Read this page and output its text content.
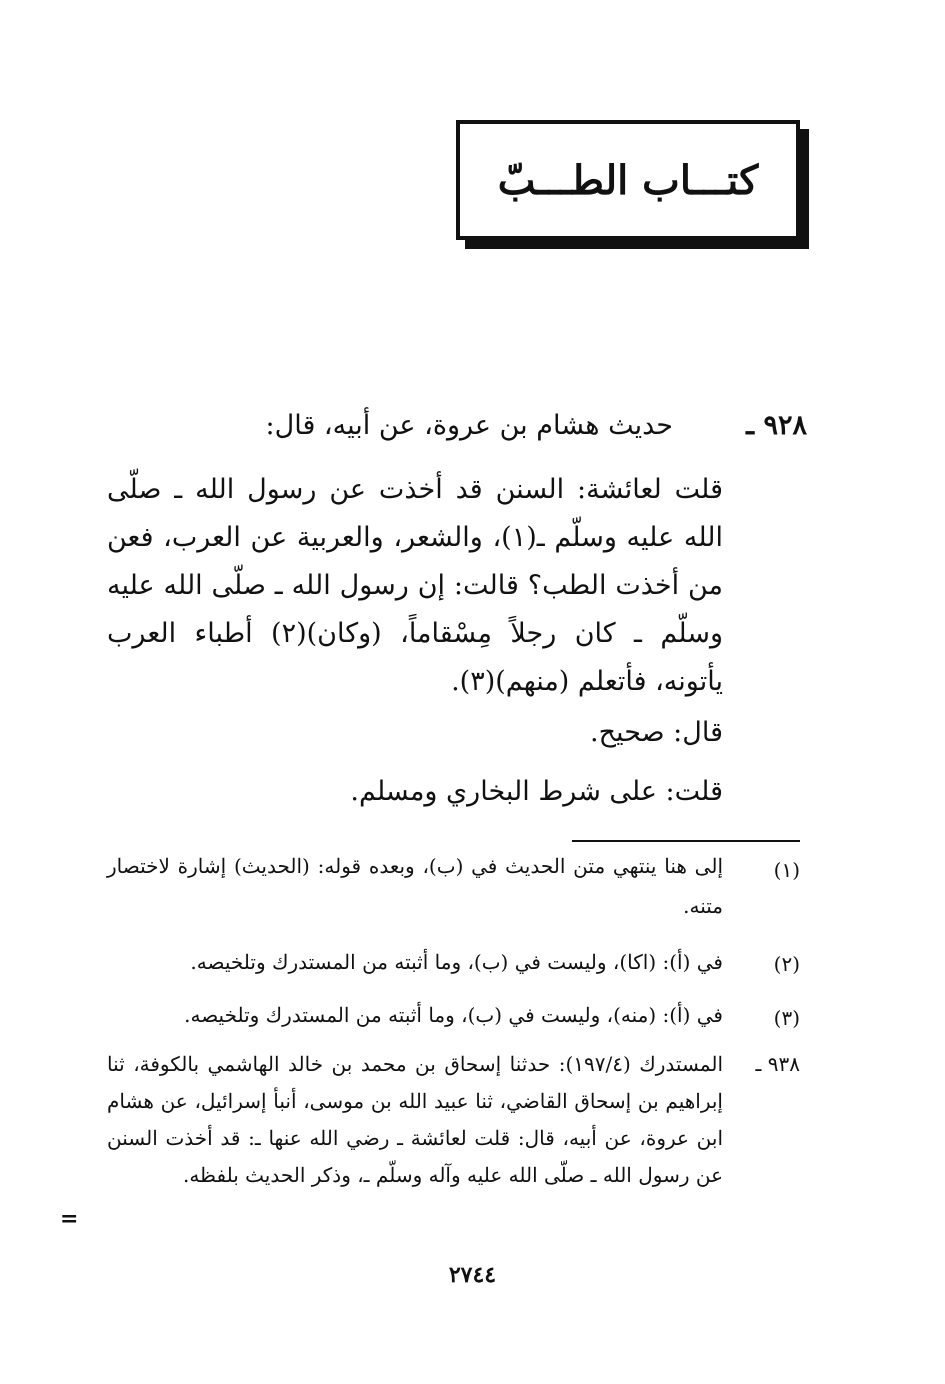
كتـــاب الطـــبّ
٩٢٨ ـ
حديث هشام بن عروة، عن أبيه، قال:
قلت لعائشة: السنن قد أخذت عن رسول الله ـ صلّى الله عليه وسلّم ـ(١)، والشعر، والعربية عن العرب، فعن من أخذت الطب؟ قالت: إن رسول الله ـ صلّى الله عليه وسلّم ـ كان رجلاً مِسْقاماً، (وكان)(٢) أطباء العرب يأتونه، فأتعلم (منهم)(٣).
قال: صحيح.
قلت: على شرط البخاري ومسلم.
(١)
إلى هنا ينتهي متن الحديث في (ب)، وبعده قوله: (الحديث) إشارة لاختصار متنه.
(٢)
في (أ): (اكا)، وليست في (ب)، وما أثبته من المستدرك وتلخيصه.
(٣)
في (أ): (منه)، وليست في (ب)، وما أثبته من المستدرك وتلخيصه.
٩٣٨ ـ
المستدرك (١٩٧/٤): حدثنا إسحاق بن محمد بن خالد الهاشمي بالكوفة، ثنا إبراهيم بن إسحاق القاضي، ثنا عبيد الله بن موسى، أنبأ إسرائيل، عن هشام ابن عروة، عن أبيه، قال: قلت لعائشة ـ رضي الله عنها ـ: قد أخذت السنن عن رسول الله ـ صلّى الله عليه وآله وسلّم ـ، وذكر الحديث بلفظه.
=
٢٧٤٤
